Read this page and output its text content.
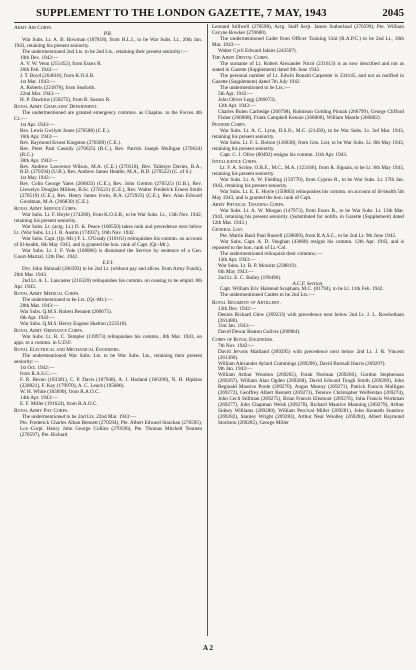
SUPPLEMENT TO THE LONDON GAZETTE, 7 MAY, 1943	2045

Army Air Corps.

P.R.

War Subs. Lt. A. B. Bowman (187818), from H.L.I., to be War Subs. Lt., 20th Jan. 1943, retaining his present seniority.

The undermentioned 2nd Lts. to be 2nd Lts., retaining their present seniority:—

19th Dec. 1942:—

A. V. W. Venn (251452), from Essex R.

26th Feb. 1943:—

J. T. Boyd (264618), from K.O.S.B.

1st Mar. 1943:—

A. Roberts (231878), from Seaforth.

22nd Mar. 1943:—

H. P. Dawkins (158275), from R. Sussex R.

Royal Army Chaplains' Department.

The undermentioned are granted emergency commns. as Chaplns. to the Forces 4th Cl.:—

1st Apr. 1943:—

Rev. Lewis Gwilym Jones (270588) (C.E.).

16th Apr. 1943:—

Rev. Raymond Ernest Kingston (270589) (C.E.).

Rev. Peter Paul Cassidy (270625) (R.C.), Rev. Patrick Joseph Mulligan (270624) (R.C.).

30th Apr. 1943:—

Rev. Andrew Lawrence Wilson, M.A. (C.E.) (270518), Rev. Taliesyn Davies, B.A., B.D. (270594) (U.B.), Rev. Andrew James Heatlie, M.A., B.D. (270522) (C. of S.).

1st May 1943:—

Rev. Colin George Yates (266833) (C.E.), Rev. John Gretton (270525) (U.B.), Rev. Llewelyn Douglas Millner, B.Sc. (270521) (C.E.), Rev. Walter Frederick Ernest Smith (270519) (C.E.), Rev. Henry James Irwin, B.A. (272923) (C.E.), Rev. Alan Edward Goodman, M.A. (266830) (C.E.).

Royal Army Service Corps.

War Subs. Lt. F. Hoyle (174280), from K.O.S.B., to be War Subs. Lt., 13th Nov. 1942, retaining his present seniority.

War Subs. Lt. (actg. Lt.) D. K. Peace (168550) takes rank and precedence next below Lt. (War Subs. Lt.) J. B. Austin (174937), 16th Nov. 1942.

War Subs. Capt. (Qr.-Mr.) F. L. O'Grady (110161) relinquishes his commn. on account of ill-health, 6th May 1943, and is granted the hon. rank of Capt. (Qr.-Mr.).

War Subs. Lt. J. F. Yule (106866) is dismissed the Service by sentence of a Gen. Court-Martial, 12th Dec. 1942.

E.F.I.

Dvr. John Shinnall (266393) to be 2nd Lt. (without pay and allces. from Army Funds), 26th Mar. 1943.

2nd Lt. A. L. Lancaster (216320) relinquishes his commn. on ceasing to be empld. 8th Apr. 1943.

Royal Army Medical Corps.

The undermentioned to be Lts. (Qr.-Mr.):—

28th Mar. 1943:—

War Subs. Q.M.S. Robert Bennett (260675).

6th Apr. 1943:—

War Subs. Q.M.S. Henry Eugene Skelton (223518).

Royal Army Ordnance Corps.

War Subs. Lt. R. C. Templer (119973) relinquishes his commn., 8th Mar. 1943, on appt. to a commn. in U.D.F.

Royal Electrical and Mechanical Engineers.

The undermentioned War Subs. Lts. to be War Subs. Lts., retaining their present seniority:—

1st Oct. 1942:—

from R.A.S.C.:—

F. R. Bevan (183301), C. P. Davis (187948), A. J. Harland (166396), N. H. Hipkins (220821), F. Kay (179970), A. C. Leach (195686).

W. H. White (183690), from R.A.O.C.

14th Apr. 1943:—

E. F. Miller (191624), from R.A.O.C.

Royal Army Pay Corps.

The undermentioned to be 2nd Lts. 22nd Mar. 1943:—

Pte. Frederick Charles Alban Bennett (270594), Pte. Albert Edward Strachan (270595), Lce.-Corpl. Henry John George Collins (270596), Pte. Thomas Mitchell Tennent (270597), Pte. Richard

Leonard Stillwell (270598), Actg. Staff Serjt. James Sutherland (270599), Pte. William Cecyne Bowker (270600).

The undermentioned Cadet from Officer Training Unit (R.A.P.C.) to be 2nd Lt., 18th Mar. 1943:—

Walter Cyril Edward Jakins (243507).

The Army Dental Corps.

The surname of Lt. Robert Alexander Nicol (231613) is as now described and not as stated in Gazette (Supplement) dated 9th June 1942.

The personal number of Lt. Edwin Ronald Carpenter is 234145, and not as notified in Gazette (Supplement) dated 7th July 1942.

The undermentioned to be Lts.:—

5th Apr. 1943:—

John Oliver Legg (266673).

12th Apr. 1943:—

Charles Bulen Cartledge (266798), Robinson Golding Pinnah (266799), George Clifford Fisher (266888), Frank Campbell Kennie (266800), William Mantle (266802).

Pioneer Corps.

War Subs. Lt. A. C. Lynn, D.S.O., M.C. (21450), to be War Subs. Lt. 3rd Mar. 1943, retaining his present seniority.

War Subs. Lt. F. L. Bolton (116838), from Gen. List, to be War Subs. Lt. 8th May 1943, retaining his present seniority.

Capt. C. J. Olive (80492) resigns his commn. 11th Apr. 1943.

Intelligence Corps.

Lt. F. A. Scrine, O.B.E., M.C., M.A. (123166), from R. Signals, to be Lt. 8th May 1943, retaining his present seniority.

War Subs. Lt. A. W. Fielding (159770), from Cyprus R., to be War Subs. Lt. 27th Jan. 1943, retaining his present seniority.

War Subs. Lt. E. E. Hoyle (150883) relinquishes his commn. on account of ill-health 5th May 1943, and is granted the hon. rank of Capt.

Army Physical Training Corps.

War Subs. Lt. A. W. Morgan (147973), from Essex R., to be War Subs. Lt. 13th Mar. 1943, retaining his present seniority. (Substituted for notifn. in Gazette (Supplement) dated 12th Mar. 1943.)

General List.

Pte. Martin Basil Paul Russell (238669), from R.A.S.C., to be 2nd Lt. 9th June 1942.

War Subs. Capt. A. D. Vaughan (43668) resigns his commn. 12th Apr. 1943, and is reposted to the hon. rank of Lt.-Col.

The undermentioned relinquish their commns.:—

13th Apr. 1943:—

War Subs. Lt. B. P. Mouritz (238819).

6th May 1943:—

2nd Lt. E. C. Bailey (199496).

A.C.F. Section.

Capt. William Eric Halstead Scupham, M.C. (81794), to be Lt. 11th Feb. 1942.

The undermentioned Cadets to be 2nd Lts.:—

Royal Regiment of Artillery.

13th Dec. 1942:—

Dennis Richard Glew (269233) with precedence next below 2nd Lt. J. L. Rowbotham (261480).

31st Jan. 1943:—

David Dewar Beaton Guilvie (268984).

Corps of Royal Engineers.

7th Nov. 1942:—

David Jervois Maitland (269295) with precedence next below 2nd Lt. J. R. Vincent (261360).

William Alexander Aylard Cummings (269296), David Burtsall Harris (269297).

9th Jan. 1943:—

William Arthur Wootton (269265), Frank Norman (269266), Gordon Stephenson (269267), William Alan Ogden (269268), David Edward Tough Smith (269269), John Reginald Maurice Poole (269270), Angus Murray (269271), Patrick Francis Mulligan (269272), Geoffrey Albert Bennett (269273), Terence Christopher Wolferstan (269274), John Cecil Stillman (269275), Brian Francis Ellsmoor (269276), John Francis Workman (269277), John Chapman Welsh (269278), Richard Maurice Manning (269279), Arthur Sidney Williams (269280), William Percival Miller (269281), John Kenneth Sunslow (269282), Stanley Wright (269283), Arthur Neal Woolley (269284), Albert Raymond Stockton (269285), George Miller

A 2
